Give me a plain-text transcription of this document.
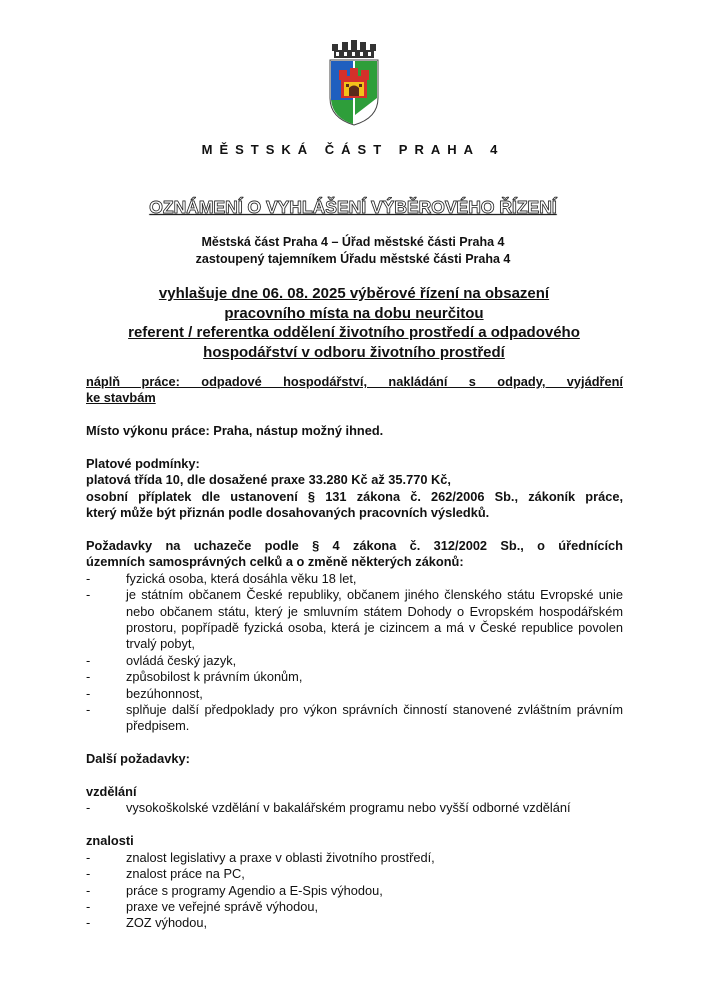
MĚSTSKÁ ČÁST PRAHA 4
OZNÁMENÍ O VYHLÁŠENÍ VÝBĚROVÉHO ŘÍZENÍ
Městská část Praha 4 – Úřad městské části Praha 4
zastoupený tajemníkem Úřadu městské části Praha 4
vyhlašuje dne 06. 08. 2025 výběrové řízení na obsazení
pracovního místa na dobu neurčitou
referent / referentka oddělení životního prostředí a odpadového
hospodářství v odboru životního prostředí
náplň práce: odpadové hospodářství, nakládání s odpady, vyjádření
ke stavbám
Místo výkonu práce: Praha, nástup možný ihned.
Platové podmínky:
platová třída 10, dle dosažené praxe 33.280 Kč až 35.770 Kč,
osobní příplatek dle ustanovení § 131 zákona č. 262/2006 Sb., zákoník práce,
který může být přiznán podle dosahovaných pracovních výsledků.
Požadavky na uchazeče podle § 4 zákona č. 312/2002 Sb., o úřednících
územních samosprávných celků a o změně některých zákonů:
-	fyzická osoba, která dosáhla věku 18 let,
-	je státním občanem České republiky, občanem jiného členského státu Evropské unie nebo občanem státu, který je smluvním státem Dohody o Evropském hospodářském prostoru, popřípadě fyzická osoba, která je cizincem a má v České republice povolen trvalý pobyt,
-	ovládá český jazyk,
-	způsobilost k právním úkonům,
-	bezúhonnost,
-	splňuje další předpoklady pro výkon správních činností stanovené zvláštním právním předpisem.
Další požadavky:
vzdělání
-	vysokoškolské vzdělání v bakalářském programu nebo vyšší odborné vzdělání
znalosti
-	znalost legislativy a praxe v oblasti životního prostředí,
-	znalost práce na PC,
-	práce s programy Agendio a E-Spis výhodou,
-	praxe ve veřejné správě výhodou,
-	ZOZ výhodou,
